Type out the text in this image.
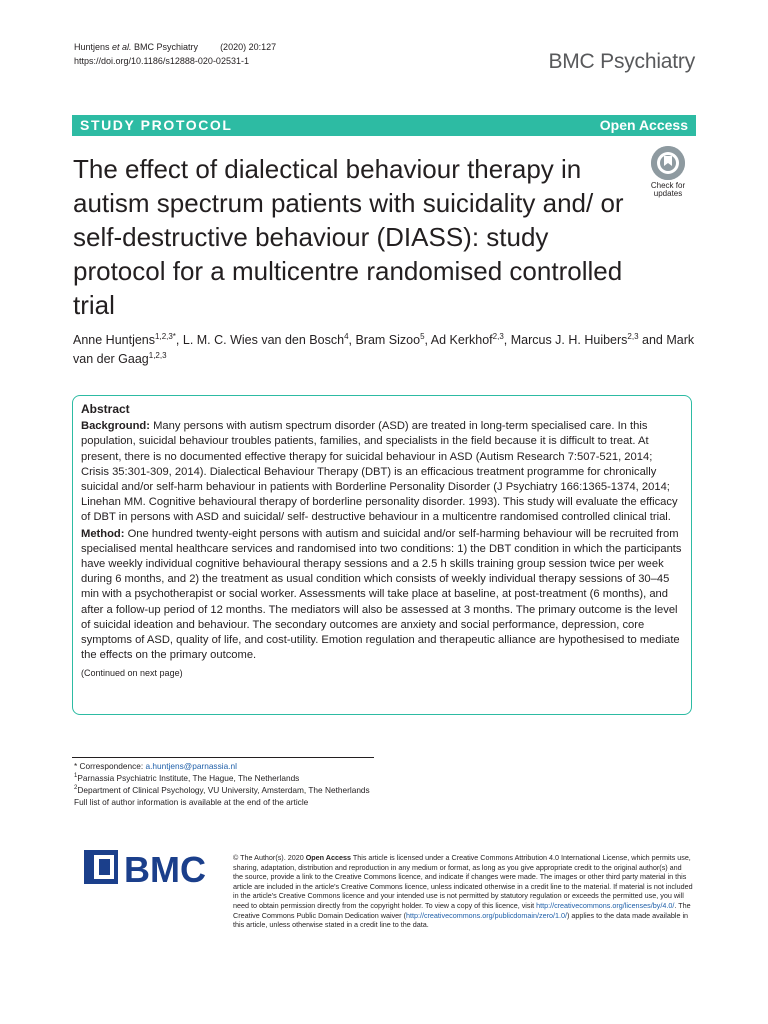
Huntjens et al. BMC Psychiatry (2020) 20:127
https://doi.org/10.1186/s12888-020-02531-1	BMC Psychiatry
STUDY PROTOCOL	Open Access
The effect of dialectical behaviour therapy in autism spectrum patients with suicidality and/ or self-destructive behaviour (DIASS): study protocol for a multicentre randomised controlled trial
Check for
updates
Anne Huntjens$^{1,2,3*}$, L. M. C. Wies van den Bosch$^4$, Bram Sizoo$^5$, Ad Kerkhof$^{2,3}$, Marcus J. H. Huibers$^{2,3}$ and Mark van der Gaag$^{1,2,3}$
Abstract

Background: Many persons with autism spectrum disorder (ASD) are treated in long-term specialised care. In this population, suicidal behaviour troubles patients, families, and specialists in the field because it is difficult to treat. At present, there is no documented effective therapy for suicidal behaviour in ASD (Autism Research 7:507-521, 2014; Crisis 35:301-309, 2014). Dialectical Behaviour Therapy (DBT) is an efficacious treatment programme for chronically suicidal and/or self-harm behaviour in patients with Borderline Personality Disorder (J Psychiatry 166:1365-1374, 2014; Linehan MM. Cognitive behavioural therapy of borderline personality disorder. 1993). This study will evaluate the efficacy of DBT in persons with ASD and suicidal/ self- destructive behaviour in a multicentre randomised controlled clinical trial.

Method: One hundred twenty-eight persons with autism and suicidal and/or self-harming behaviour will be recruited from specialised mental healthcare services and randomised into two conditions: 1) the DBT condition in which the participants have weekly individual cognitive behavioural therapy sessions and a 2.5 h skills training group session twice per week during 6 months, and 2) the treatment as usual condition which consists of weekly individual therapy sessions of 30–45 min with a psychotherapist or social worker. Assessments will take place at baseline, at post-treatment (6 months), and after a follow-up period of 12 months. The mediators will also be assessed at 3 months. The primary outcome is the level of suicidal ideation and behaviour. The secondary outcomes are anxiety and social performance, depression, core symptoms of ASD, quality of life, and cost-utility. Emotion regulation and therapeutic alliance are hypothesised to mediate the effects on the primary outcome.

(Continued on next page)
* Correspondence: a.huntjens@parnassia.nl
$^1$Parnassia Psychiatric Institute, The Hague, The Netherlands
$^2$Department of Clinical Psychology, VU University, Amsterdam, The Netherlands
Full list of author information is available at the end of the article
BMC	© The Author(s). 2020 Open Access This article is licensed under a Creative Commons Attribution 4.0 International License, which permits use, sharing, adaptation, distribution and reproduction in any medium or format, as long as you give appropriate credit to the original author(s) and the source, provide a link to the Creative Commons licence, and indicate if changes were made. The images or other third party material in this article are included in the article's Creative Commons licence, unless indicated otherwise in a credit line to the material. If material is not included in the article's Creative Commons licence and your intended use is not permitted by statutory regulation or exceeds the permitted use, you will need to obtain permission directly from the copyright holder. To view a copy of this licence, visit http://creativecommons.org/licenses/by/4.0/. The Creative Commons Public Domain Dedication waiver (http://creativecommons.org/publicdomain/zero/1.0/) applies to the data made available in this article, unless otherwise stated in a credit line to the data.
